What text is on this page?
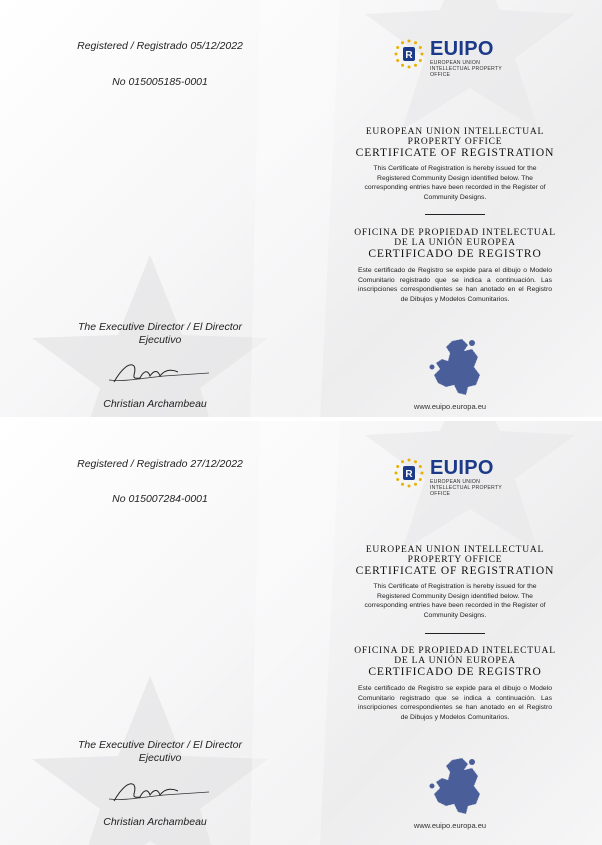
Registered / Registrado 05/12/2022
No 015005185-0001
The Executive Director / El Director Ejecutivo
Christian Archambeau
R EUIPO
EUROPEAN UNION
INTELLECTUAL PROPERTY OFFICE
EUROPEAN UNION INTELLECTUAL
PROPERTY OFFICE
CERTIFICATE OF REGISTRATION
This Certificate of Registration is hereby issued for the Registered Community Design identified below. The corresponding entries have been recorded in the Register of Community Designs.
OFICINA DE PROPIEDAD INTELECTUAL
DE LA UNIÓN EUROPEA
CERTIFICADO DE REGISTRO
Este certificado de Registro se expide para el dibujo o Modelo Comunitario registrado que se indica a continuación. Las inscripciones correspondientes se han anotado en el Registro de Dibujos y Modelos Comunitarios.
www.euipo.europa.eu
Registered / Registrado 27/12/2022
No 015007284-0001
The Executive Director / El Director Ejecutivo
Christian Archambeau
R EUIPO
EUROPEAN UNION
INTELLECTUAL PROPERTY OFFICE
EUROPEAN UNION INTELLECTUAL
PROPERTY OFFICE
CERTIFICATE OF REGISTRATION
This Certificate of Registration is hereby issued for the Registered Community Design identified below. The corresponding entries have been recorded in the Register of Community Designs.
OFICINA DE PROPIEDAD INTELECTUAL
DE LA UNIÓN EUROPEA
CERTIFICADO DE REGISTRO
Este certificado de Registro se expide para el dibujo o Modelo Comunitario registrado que se indica a continuación. Las inscripciones correspondientes se han anotado en el Registro de Dibujos y Modelos Comunitarios.
www.euipo.europa.eu
